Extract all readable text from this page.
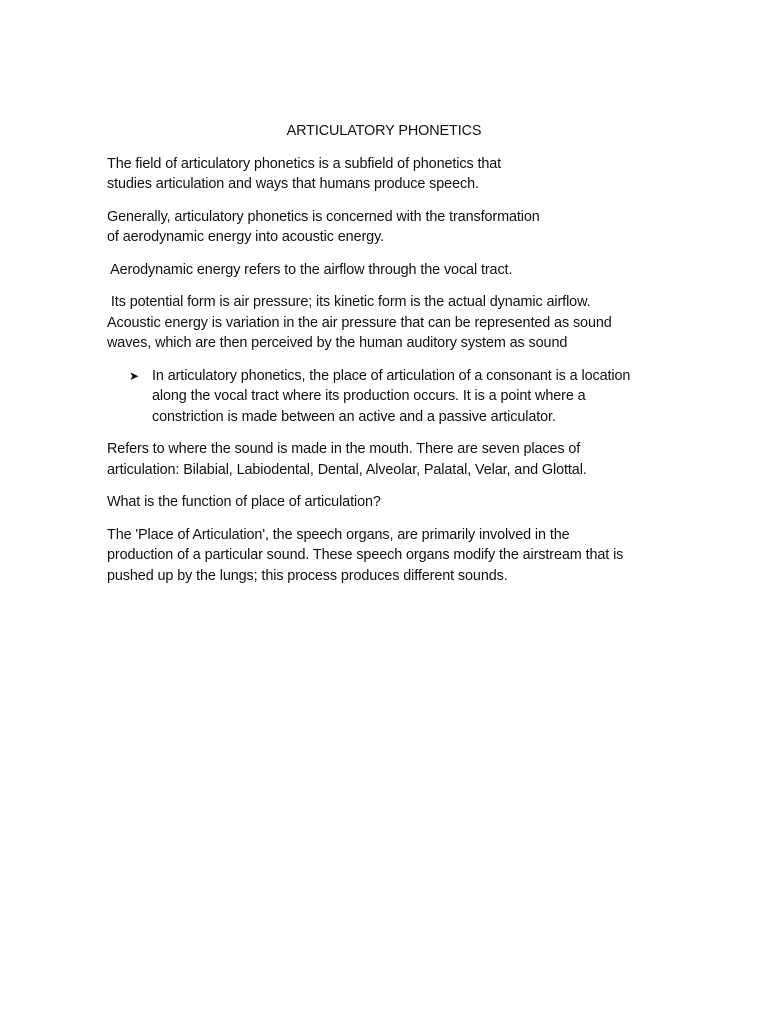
ARTICULATORY PHONETICS
The field of articulatory phonetics is a subfield of phonetics that
studies articulation and ways that humans produce speech.
Generally, articulatory phonetics is concerned with the transformation
of aerodynamic energy into acoustic energy.
Aerodynamic energy refers to the airflow through the vocal tract.
Its potential form is air pressure; its kinetic form is the actual dynamic airflow.
Acoustic energy is variation in the air pressure that can be represented as sound
waves, which are then perceived by the human auditory system as sound
➤ In articulatory phonetics, the place of articulation of a consonant is a location
along the vocal tract where its production occurs. It is a point where a
constriction is made between an active and a passive articulator.
Refers to where the sound is made in the mouth. There are seven places of
articulation: Bilabial, Labiodental, Dental, Alveolar, Palatal, Velar, and Glottal.
What is the function of place of articulation?
The 'Place of Articulation', the speech organs, are primarily involved in the
production of a particular sound. These speech organs modify the airstream that is
pushed up by the lungs; this process produces different sounds.
